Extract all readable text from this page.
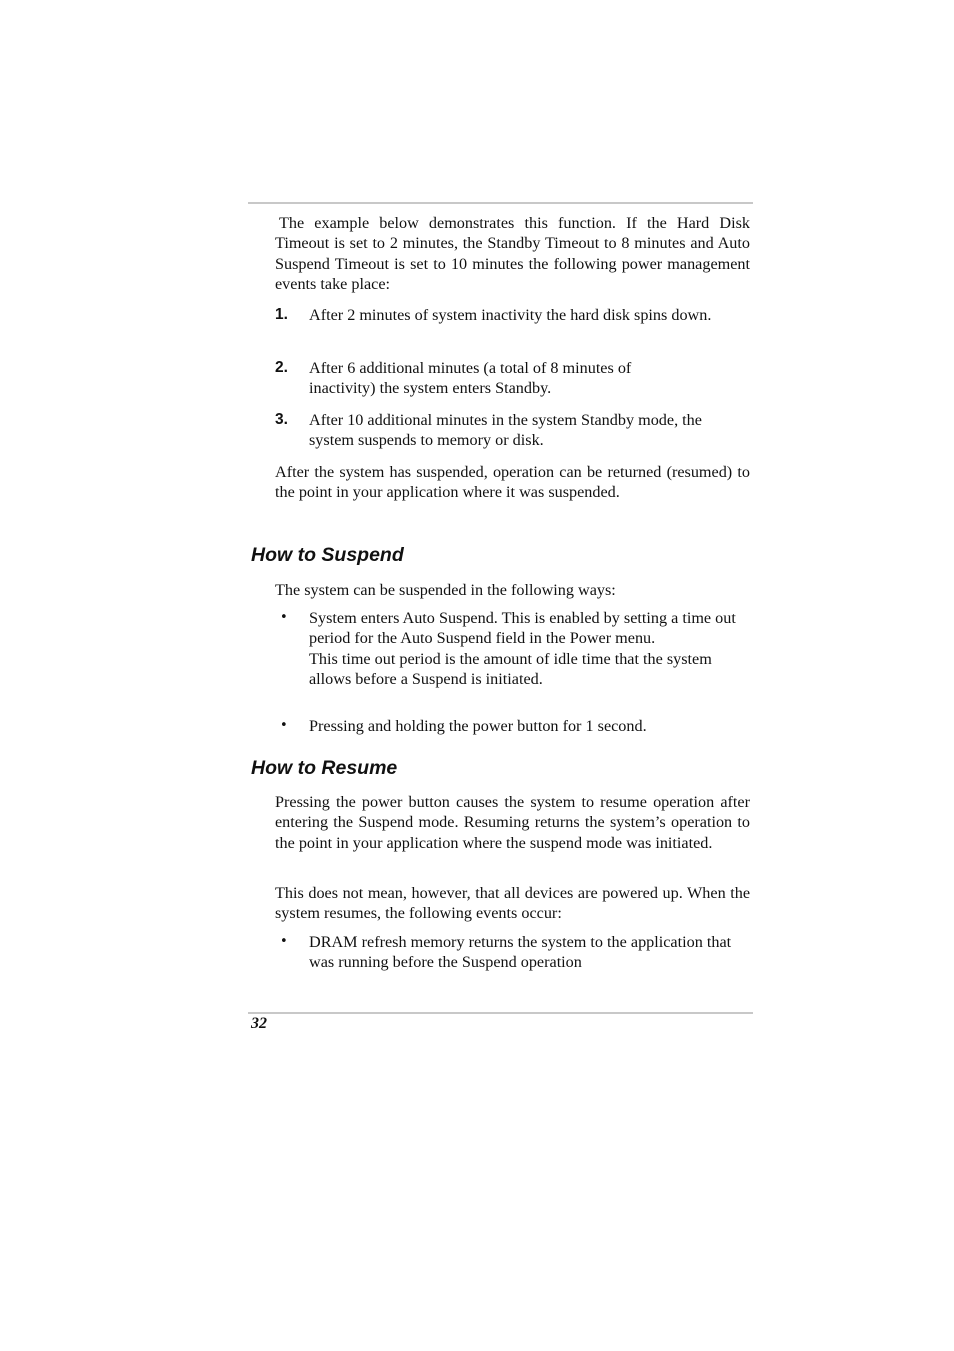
The example below demonstrates this function. If the Hard Disk Timeout is set to 2 minutes, the Standby Timeout to 8 minutes and Auto Suspend Timeout is set to 10 minutes the following power management events take place:

1. After 2 minutes of system inactivity the hard disk spins down.
2. After 6 additional minutes (a total of 8 minutes of inactivity) the system enters Standby.
3. After 10 additional minutes in the system Standby mode, the system suspends to memory or disk.

After the system has suspended, operation can be returned (resumed) to the point in your application where it was suspended.

How to Suspend

The system can be suspended in the following ways:

• System enters Auto Suspend. This is enabled by setting a time out period for the Auto Suspend field in the Power menu.
This time out period is the amount of idle time that the system allows before a Suspend is initiated.
• Pressing and holding the power button for 1 second.
How to Resume

Pressing the power button causes the system to resume operation after entering the Suspend mode. Resuming returns the system’s operation to the point in your application where the suspend mode was initiated.

This does not mean, however, that all devices are powered up. When the system resumes, the following events occur:

• DRAM refresh memory returns the system to the application that was running before the Suspend operation
32
